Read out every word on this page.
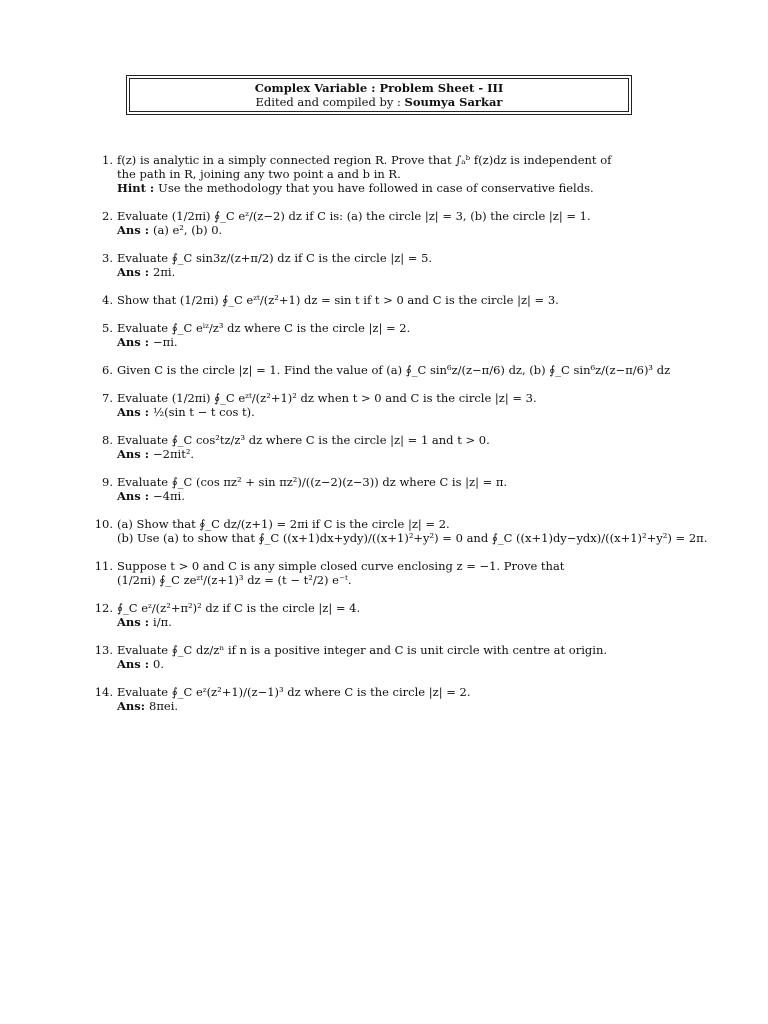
Complex Variable : Problem Sheet - III
Edited and compiled by : Soumya Sarkar
1. f(z) is analytic in a simply connected region R. Prove that ∫ₐᵇ f(z)dz is independent of
the path in R, joining any two point a and b in R.
Hint : Use the methodology that you have followed in case of conservative fields.
2. Evaluate (1/2πi) ∮_C eᶻ/(z−2) dz if C is: (a) the circle |z| = 3, (b) the circle |z| = 1.
Ans : (a) e², (b) 0.
3. Evaluate ∮_C sin3z/(z+π/2) dz if C is the circle |z| = 5.
Ans : 2πi.
4. Show that (1/2πi) ∮_C eᶻᵗ/(z²+1) dz = sin t if t > 0 and C is the circle |z| = 3.
5. Evaluate ∮_C eⁱᶻ/z³ dz where C is the circle |z| = 2.
Ans : −πi.
6. Given C is the circle |z| = 1. Find the value of (a) ∮_C sin⁶z/(z−π/6) dz, (b) ∮_C sin⁶z/(z−π/6)³ dz
7. Evaluate (1/2πi) ∮_C eᶻᵗ/(z²+1)² dz when t > 0 and C is the circle |z| = 3.
Ans : ½(sin t − t cos t).
8. Evaluate ∮_C cos²tz/z³ dz where C is the circle |z| = 1 and t > 0.
Ans : −2πit².
9. Evaluate ∮_C (cos πz² + sin πz²)/((z−2)(z−3)) dz where C is |z| = π.
Ans : −4πi.
10. (a) Show that ∮_C dz/(z+1) = 2πi if C is the circle |z| = 2.
(b) Use (a) to show that ∮_C ((x+1)dx+ydy)/((x+1)²+y²) = 0 and ∮_C ((x+1)dy−ydx)/((x+1)²+y²) = 2π.
11. Suppose t > 0 and C is any simple closed curve enclosing z = −1. Prove that
(1/2πi) ∮_C zeᶻᵗ/(z+1)³ dz = (t − t²/2) e⁻ᵗ.
12. ∮_C eᶻ/(z²+π²)² dz if C is the circle |z| = 4.
Ans : i/π.
13. Evaluate ∮_C dz/zⁿ if n is a positive integer and C is unit circle with centre at origin.
Ans : 0.
14. Evaluate ∮_C eᶻ(z²+1)/(z−1)³ dz where C is the circle |z| = 2.
Ans: 8πei.
